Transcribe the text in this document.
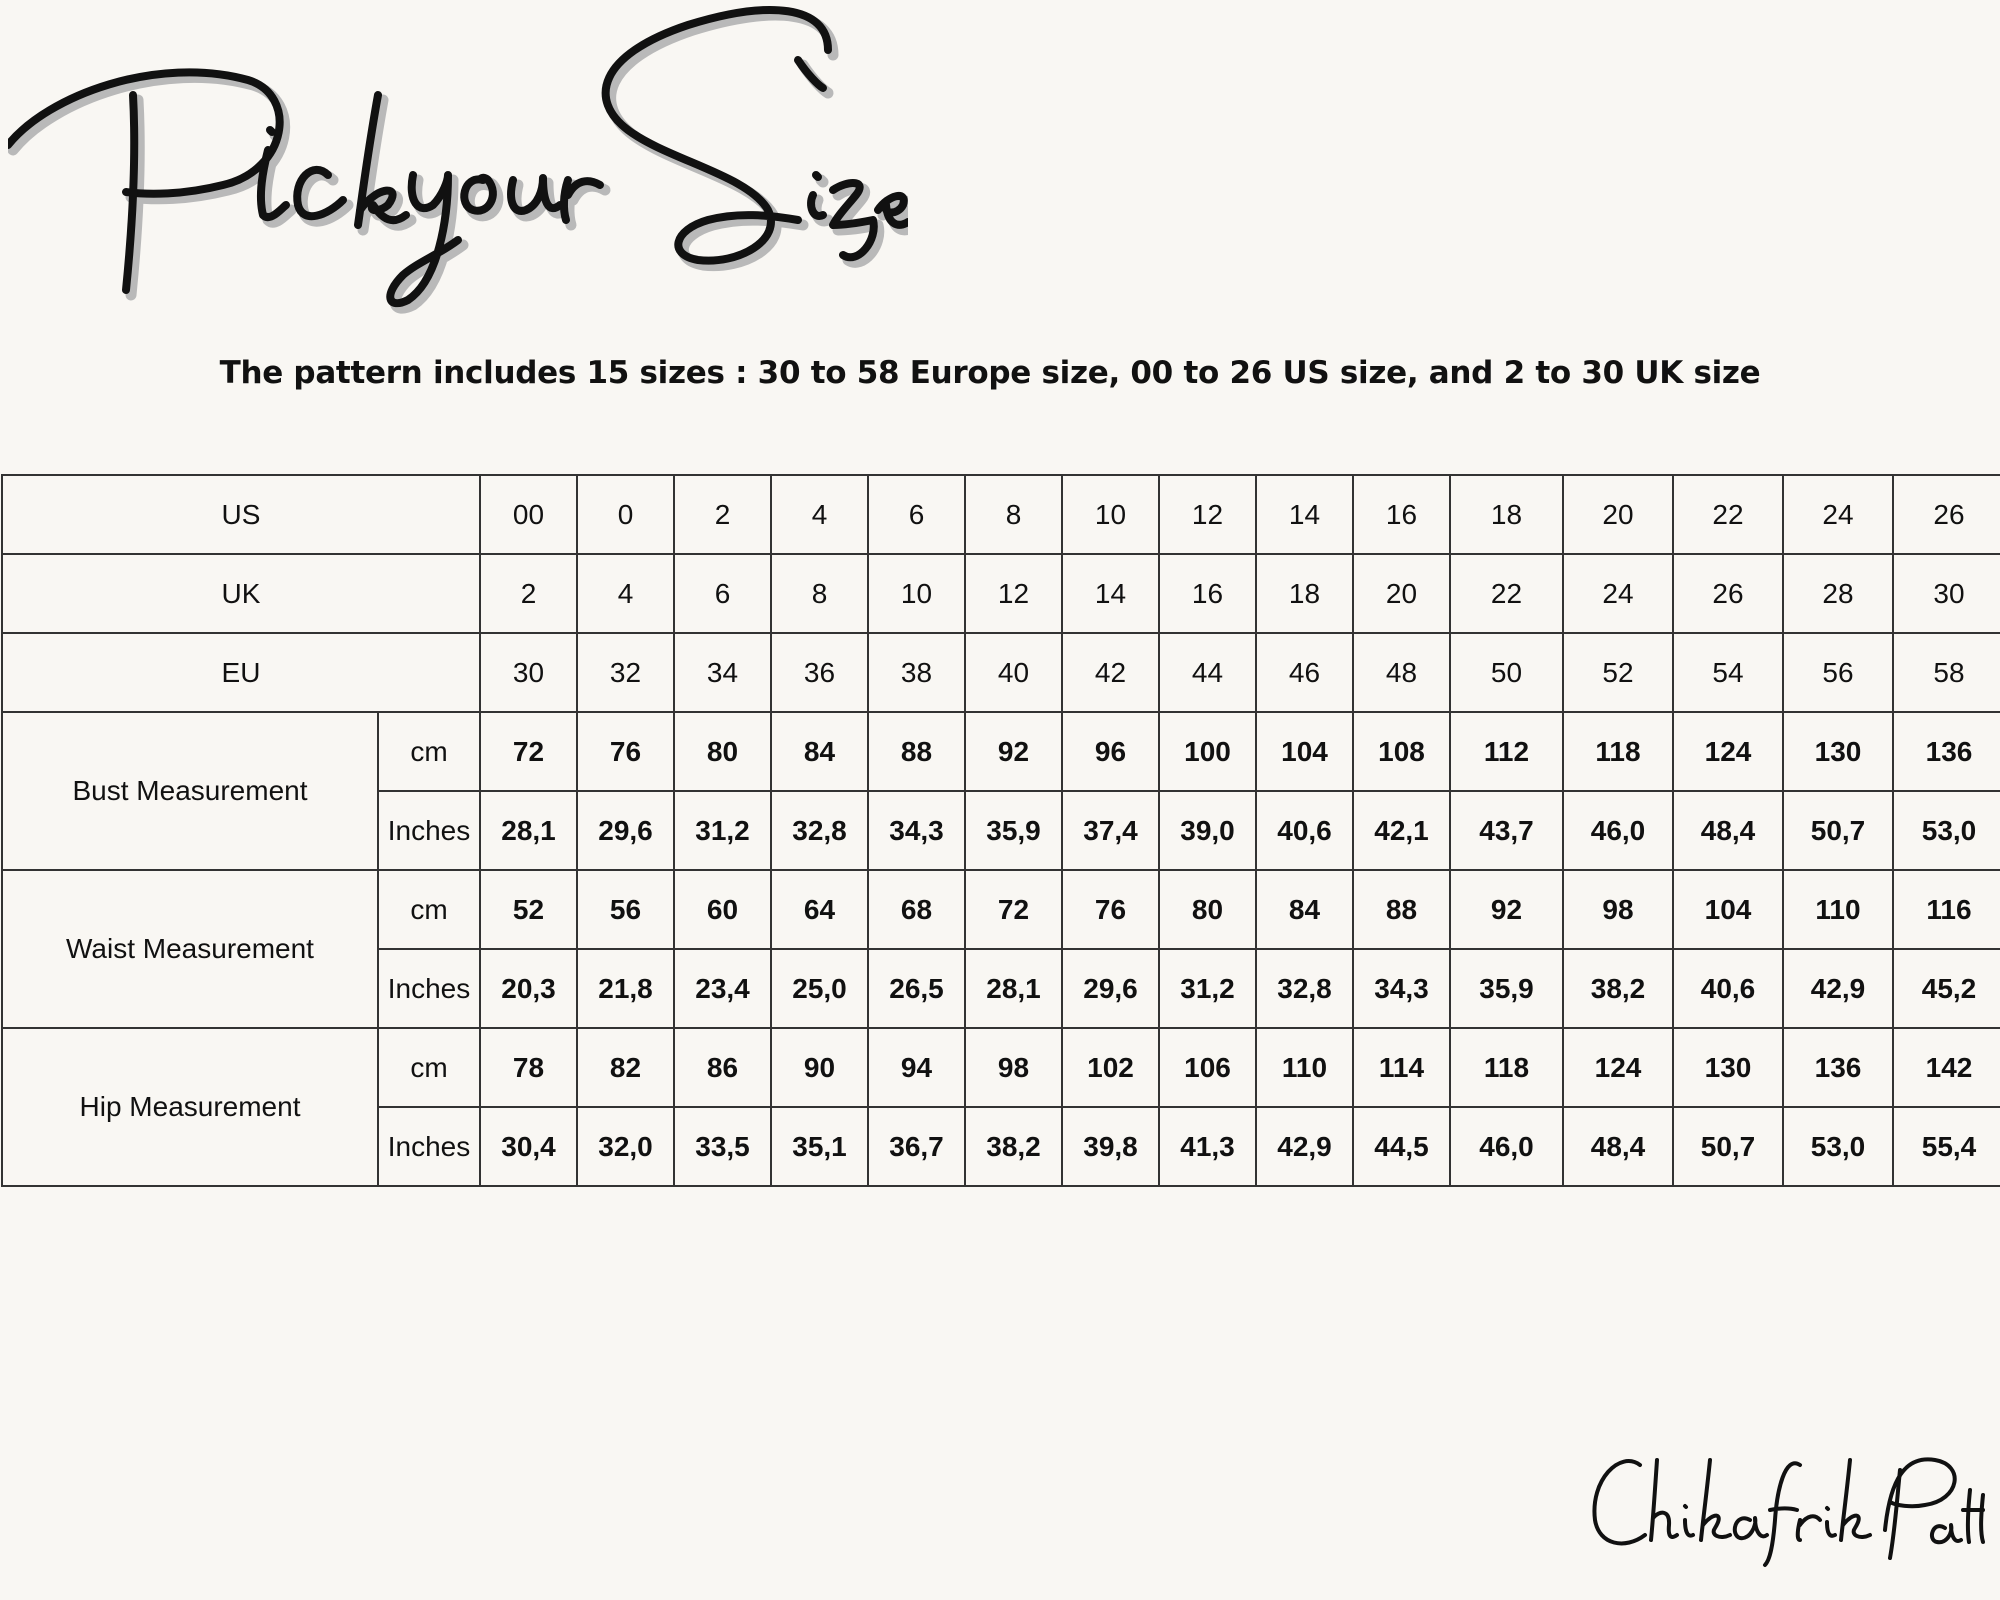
The pattern includes 15 sizes : 30 to 58 Europe size, 00 to 26 US size, and 2 to 30 UK size
US		00	0	2	4	6	8	10	12	14	16	18	20	22	24	26
UK		2	4	6	8	10	12	14	16	18	20	22	24	26	28	30
EU		30	32	34	36	38	40	42	44	46	48	50	52	54	56	58
Bust Measurement	cm	72	76	80	84	88	92	96	100	104	108	112	118	124	130	136
	Inches	28,1	29,6	31,2	32,8	34,3	35,9	37,4	39,0	40,6	42,1	43,7	46,0	48,4	50,7	53,0
Waist Measurement	cm	52	56	60	64	68	72	76	80	84	88	92	98	104	110	116
	Inches	20,3	21,8	23,4	25,0	26,5	28,1	29,6	31,2	32,8	34,3	35,9	38,2	40,6	42,9	45,2
Hip Measurement	cm	78	82	86	90	94	98	102	106	110	114	118	124	130	136	142
	Inches	30,4	32,0	33,5	35,1	36,7	38,2	39,8	41,3	42,9	44,5	46,0	48,4	50,7	53,0	55,4
